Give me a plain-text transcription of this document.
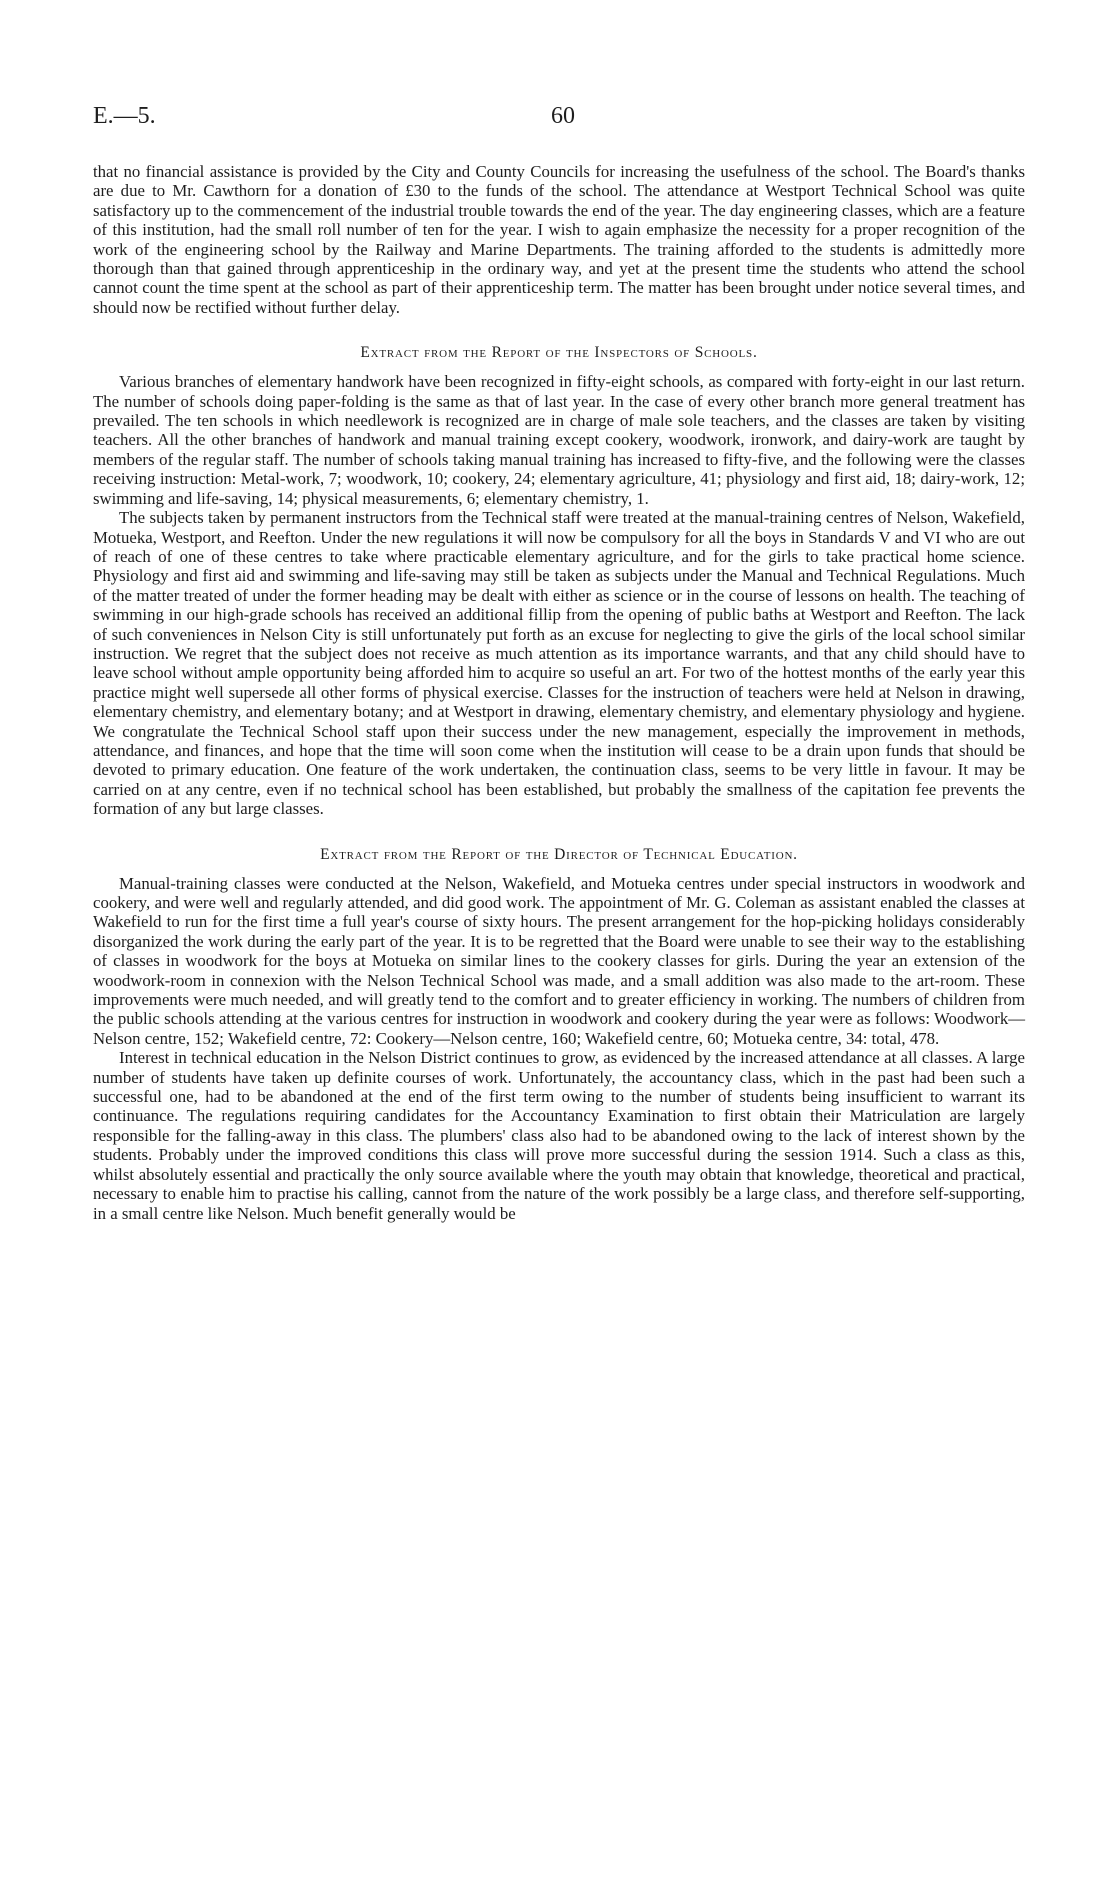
E.—5.	60

that no financial assistance is provided by the City and County Councils for increasing the usefulness of the school. The Board's thanks are due to Mr. Cawthorn for a donation of £30 to the funds of the school. The attendance at Westport Technical School was quite satisfactory up to the commencement of the industrial trouble towards the end of the year. The day engineering classes, which are a feature of this institution, had the small roll number of ten for the year. I wish to again emphasize the necessity for a proper recognition of the work of the engineering school by the Railway and Marine Departments. The training afforded to the students is admittedly more thorough than that gained through apprenticeship in the ordinary way, and yet at the present time the students who attend the school cannot count the time spent at the school as part of their apprenticeship term. The matter has been brought under notice several times, and should now be rectified without further delay.

Extract from the Report of the Inspectors of Schools.

Various branches of elementary handwork have been recognized in fifty-eight schools, as compared with forty-eight in our last return. The number of schools doing paper-folding is the same as that of last year. In the case of every other branch more general treatment has prevailed. The ten schools in which needlework is recognized are in charge of male sole teachers, and the classes are taken by visiting teachers. All the other branches of handwork and manual training except cookery, woodwork, ironwork, and dairy-work are taught by members of the regular staff. The number of schools taking manual training has increased to fifty-five, and the following were the classes receiving instruction: Metal-work, 7; woodwork, 10; cookery, 24; elementary agriculture, 41; physiology and first aid, 18; dairy-work, 12; swimming and life-saving, 14; physical measurements, 6; elementary chemistry, 1.

The subjects taken by permanent instructors from the Technical staff were treated at the manual-training centres of Nelson, Wakefield, Motueka, Westport, and Reefton. Under the new regulations it will now be compulsory for all the boys in Standards V and VI who are out of reach of one of these centres to take where practicable elementary agriculture, and for the girls to take practical home science. Physiology and first aid and swimming and life-saving may still be taken as subjects under the Manual and Technical Regulations. Much of the matter treated of under the former heading may be dealt with either as science or in the course of lessons on health. The teaching of swimming in our high-grade schools has received an additional fillip from the opening of public baths at Westport and Reefton. The lack of such conveniences in Nelson City is still unfortunately put forth as an excuse for neglecting to give the girls of the local school similar instruction. We regret that the subject does not receive as much attention as its importance warrants, and that any child should have to leave school without ample opportunity being afforded him to acquire so useful an art. For two of the hottest months of the early year this practice might well supersede all other forms of physical exercise. Classes for the instruction of teachers were held at Nelson in drawing, elementary chemistry, and elementary botany; and at Westport in drawing, elementary chemistry, and elementary physiology and hygiene. We congratulate the Technical School staff upon their success under the new management, especially the improvement in methods, attendance, and finances, and hope that the time will soon come when the institution will cease to be a drain upon funds that should be devoted to primary education. One feature of the work undertaken, the continuation class, seems to be very little in favour. It may be carried on at any centre, even if no technical school has been established, but probably the smallness of the capitation fee prevents the formation of any but large classes.

Extract from the Report of the Director of Technical Education.

Manual-training classes were conducted at the Nelson, Wakefield, and Motueka centres under special instructors in woodwork and cookery, and were well and regularly attended, and did good work. The appointment of Mr. G. Coleman as assistant enabled the classes at Wakefield to run for the first time a full year's course of sixty hours. The present arrangement for the hop-picking holidays considerably disorganized the work during the early part of the year. It is to be regretted that the Board were unable to see their way to the establishing of classes in woodwork for the boys at Motueka on similar lines to the cookery classes for girls. During the year an extension of the woodwork-room in connexion with the Nelson Technical School was made, and a small addition was also made to the art-room. These improvements were much needed, and will greatly tend to the comfort and to greater efficiency in working. The numbers of children from the public schools attending at the various centres for instruction in woodwork and cookery during the year were as follows: Woodwork—Nelson centre, 152; Wakefield centre, 72: Cookery—Nelson centre, 160; Wakefield centre, 60; Motueka centre, 34: total, 478.

Interest in technical education in the Nelson District continues to grow, as evidenced by the increased attendance at all classes. A large number of students have taken up definite courses of work. Unfortunately, the accountancy class, which in the past had been such a successful one, had to be abandoned at the end of the first term owing to the number of students being insufficient to warrant its continuance. The regulations requiring candidates for the Accountancy Examination to first obtain their Matriculation are largely responsible for the falling-away in this class. The plumbers' class also had to be abandoned owing to the lack of interest shown by the students. Probably under the improved conditions this class will prove more successful during the session 1914. Such a class as this, whilst absolutely essential and practically the only source available where the youth may obtain that knowledge, theoretical and practical, necessary to enable him to practise his calling, cannot from the nature of the work possibly be a large class, and therefore self-supporting, in a small centre like Nelson. Much benefit generally would be
